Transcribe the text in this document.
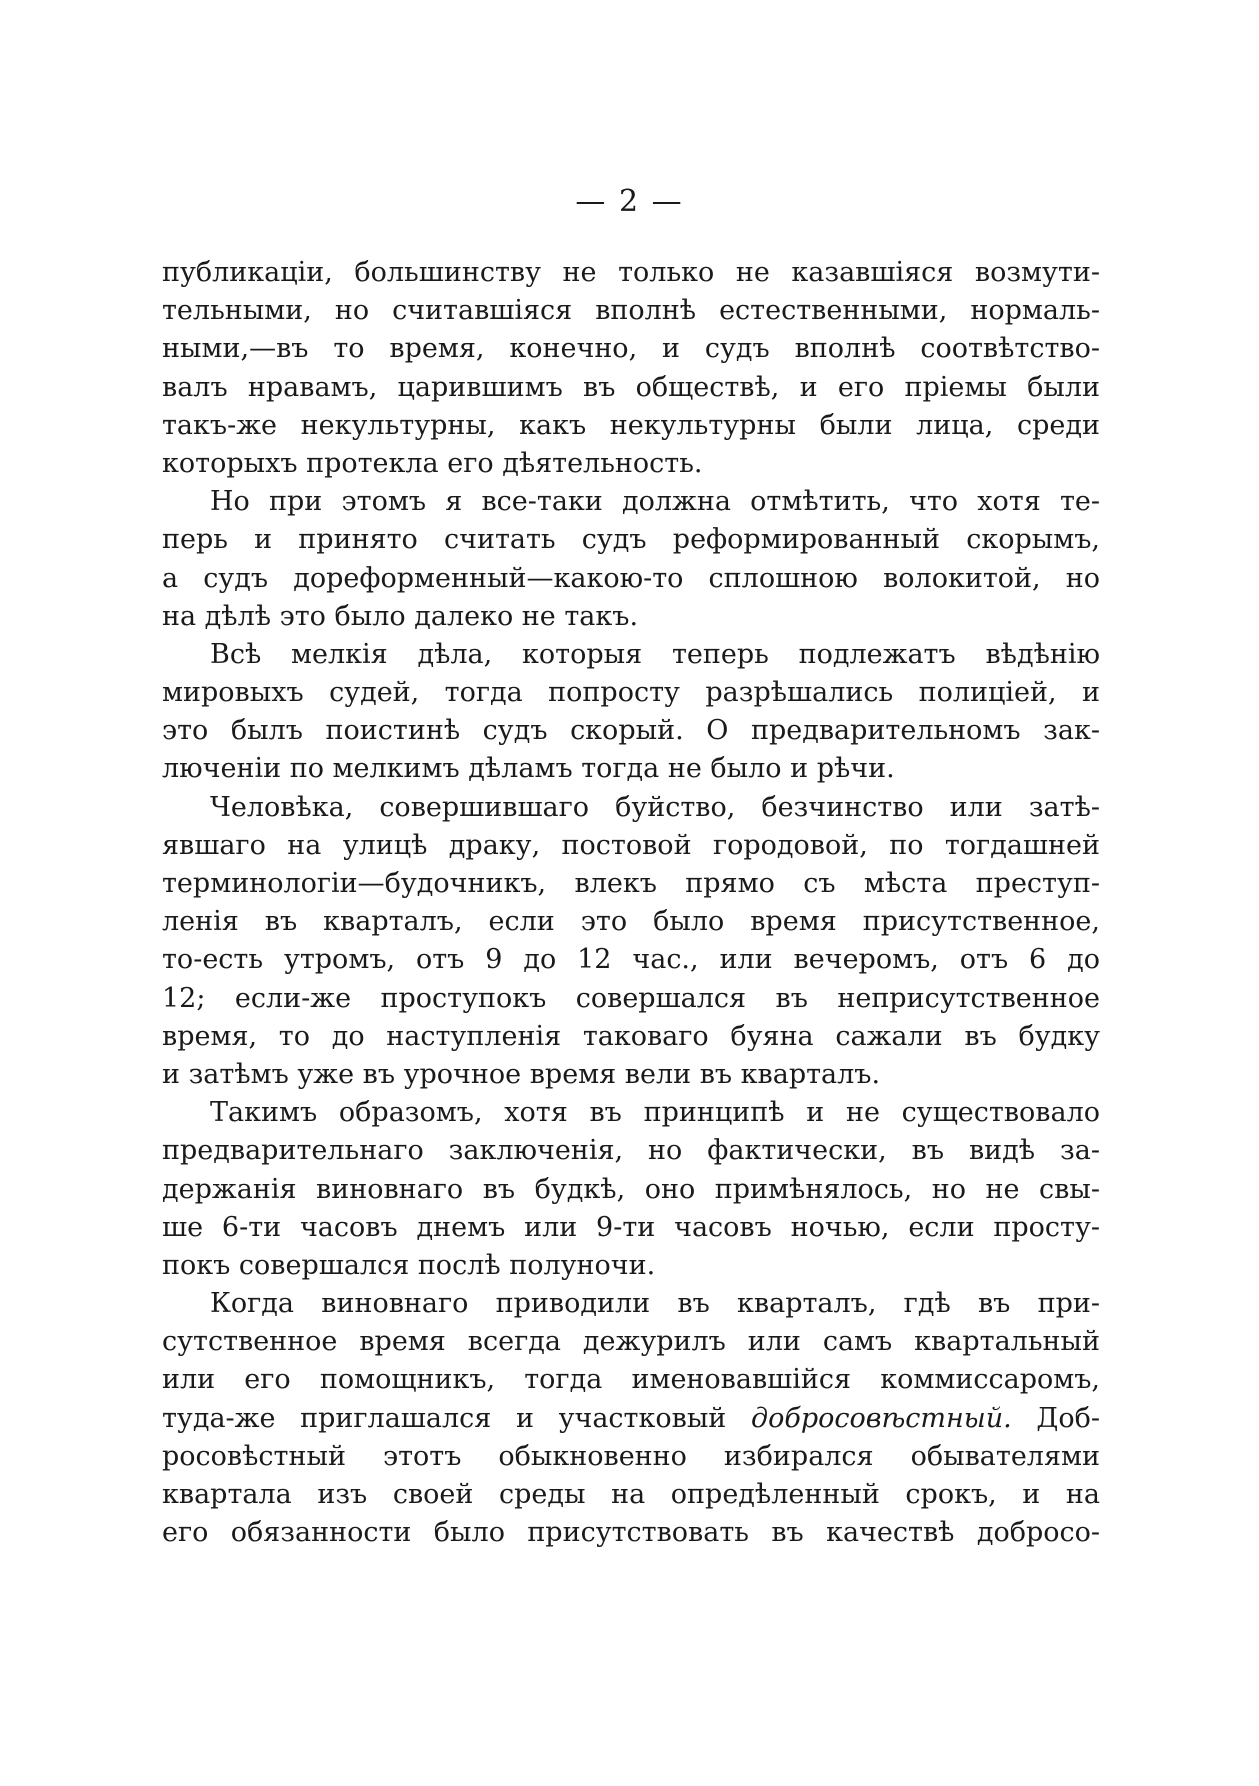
— 2 —
публикаціи, большинству не только не казавшіяся возмути-
тельными, но считавшіяся вполнѣ естественными, нормаль-
ными,—въ то время, конечно, и судъ вполнѣ соотвѣтство-
валъ нравамъ, царившимъ въ обществѣ, и его пріемы были
такъ-же некультурны, какъ некультурны были лица, среди
которыхъ протекла его дѣятельность.
Но при этомъ я все-таки должна отмѣтить, что хотя те-
перь и принято считать судъ реформированный скорымъ,
а судъ дореформенный—какою-то сплошною волокитой, но
на дѣлѣ это было далеко не такъ.
Всѣ мелкія дѣла, которыя теперь подлежатъ вѣдѣнію
мировыхъ судей, тогда попросту разрѣшались полицiей, и
это былъ поистинѣ судъ скорый. О предварительномъ зак-
люченіи по мелкимъ дѣламъ тогда не было и рѣчи.
Человѣка, совершившаго буйство, безчинство или затѣ-
явшаго на улицѣ драку, постовой городовой, по тогдашней
терминологіи—будочникъ, влекъ прямо съ мѣста преступ-
ленія въ кварталъ, если это было время присутственное,
то-есть утромъ, отъ 9 до 12 час., или вечеромъ, отъ 6 до
12; если-же проступокъ совершался въ неприсутственное
время, то до наступленія таковаго буяна сажали въ будку
и затѣмъ уже въ урочное время вели въ кварталъ.
Такимъ образомъ, хотя въ принципѣ и не существовало
предварительнаго заключенія, но фактически, въ видѣ за-
держанія виновнаго въ будкѣ, оно примѣнялось, но не свы-
ше 6-ти часовъ днемъ или 9-ти часовъ ночью, если просту-
покъ совершался послѣ полуночи.
Когда виновнаго приводили въ кварталъ, гдѣ въ при-
сутственное время всегда дежурилъ или самъ квартальный
или его помощникъ, тогда именовавшійся коммиссаромъ,
туда-же приглашался и участковый добросовѣстный. Доб-
росовѣстный этотъ обыкновенно избирался обывателями
квартала изъ своей среды на опредѣленный срокъ, и на
его обязанности было присутствовать въ качествѣ добросо-
